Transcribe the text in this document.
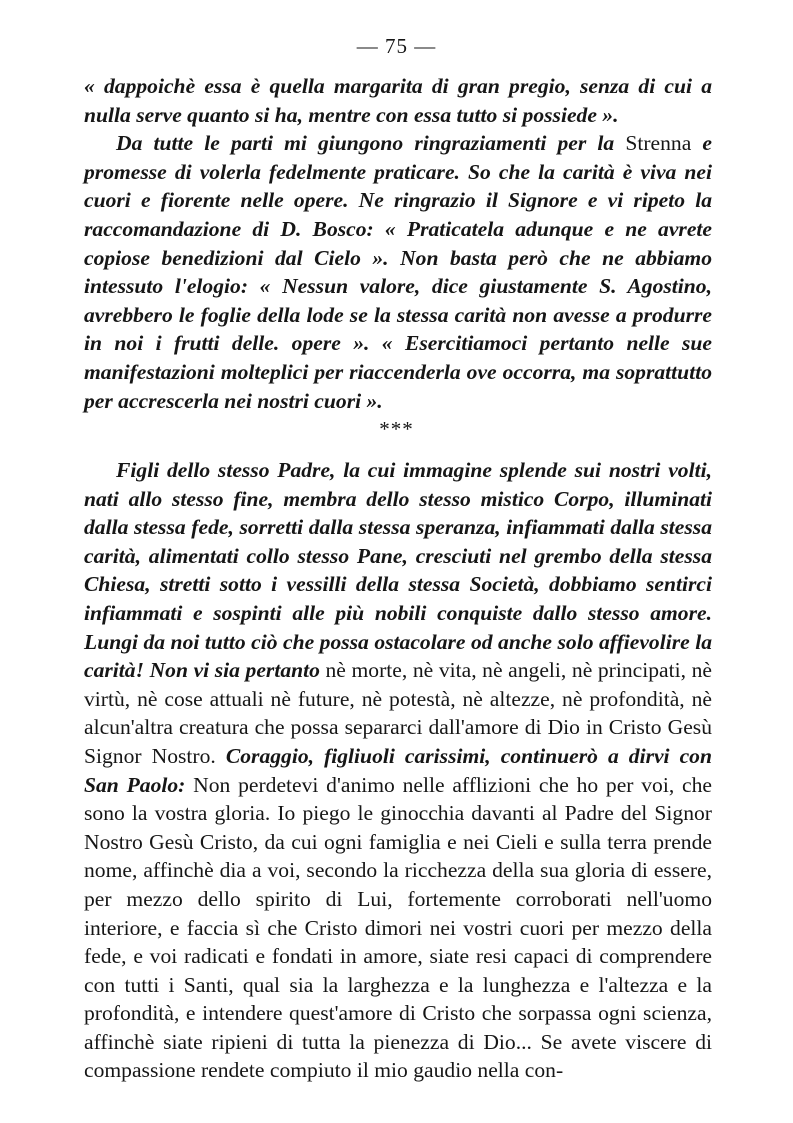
— 75 —

« dappoichè essa è quella margarita di gran pregio, senza di cui a nulla serve quanto si ha, mentre con essa tutto si possiede ».

Da tutte le parti mi giungono ringraziamenti per la Strenna e promesse di volerla fedelmente praticare. So che la carità è viva nei cuori e fiorente nelle opere. Ne ringrazio il Signore e vi ripeto la raccomandazione di D. Bosco: « Praticatela adunque e ne avrete copiose benedizioni dal Cielo ». Non basta però che ne abbiamo intessuto l'elogio: « Nessun valore, dice giustamente S. Agostino, avrebbero le foglie della lode se la stessa carità non avesse a produrre in noi i frutti delle. opere ». « Esercitiamoci pertanto nelle sue manifestazioni molteplici per riaccenderla ove occorra, ma soprattutto per accrescerla nei nostri cuori ».

***

Figli dello stesso Padre, la cui immagine splende sui nostri volti, nati allo stesso fine, membra dello stesso mistico Corpo, illuminati dalla stessa fede, sorretti dalla stessa speranza, infiammati dalla stessa carità, alimentati collo stesso Pane, cresciuti nel grembo della stessa Chiesa, stretti sotto i vessilli della stessa Società, dobbiamo sentirci infiammati e sospinti alle più nobili conquiste dallo stesso amore. Lungi da noi tutto ciò che possa ostacolare od anche solo affievolire la carità! Non vi sia pertanto nè morte, nè vita, nè angeli, nè principati, nè virtù, nè cose attuali nè future, nè potestà, nè altezze, nè profondità, nè alcun'altra creatura che possa separarci dall'amore di Dio in Cristo Gesù Signor Nostro. Coraggio, figliuoli carissimi, continuerò a dirvi con San Paolo: Non perdetevi d'animo nelle afflizioni che ho per voi, che sono la vostra gloria. Io piego le ginocchia davanti al Padre del Signor Nostro Gesù Cristo, da cui ogni famiglia e nei Cieli e sulla terra prende nome, affinchè dia a voi, secondo la ricchezza della sua gloria di essere, per mezzo dello spirito di Lui, fortemente corroborati nell'uomo interiore, e faccia sì che Cristo dimori nei vostri cuori per mezzo della fede, e voi radicati e fondati in amore, siate resi capaci di comprendere con tutti i Santi, qual sia la larghezza e la lunghezza e l'altezza e la profondità, e intendere quest'amore di Cristo che sorpassa ogni scienza, affinchè siate ripieni di tutta la pienezza di Dio... Se avete viscere di compassione rendete compiuto il mio gaudio nella con-
